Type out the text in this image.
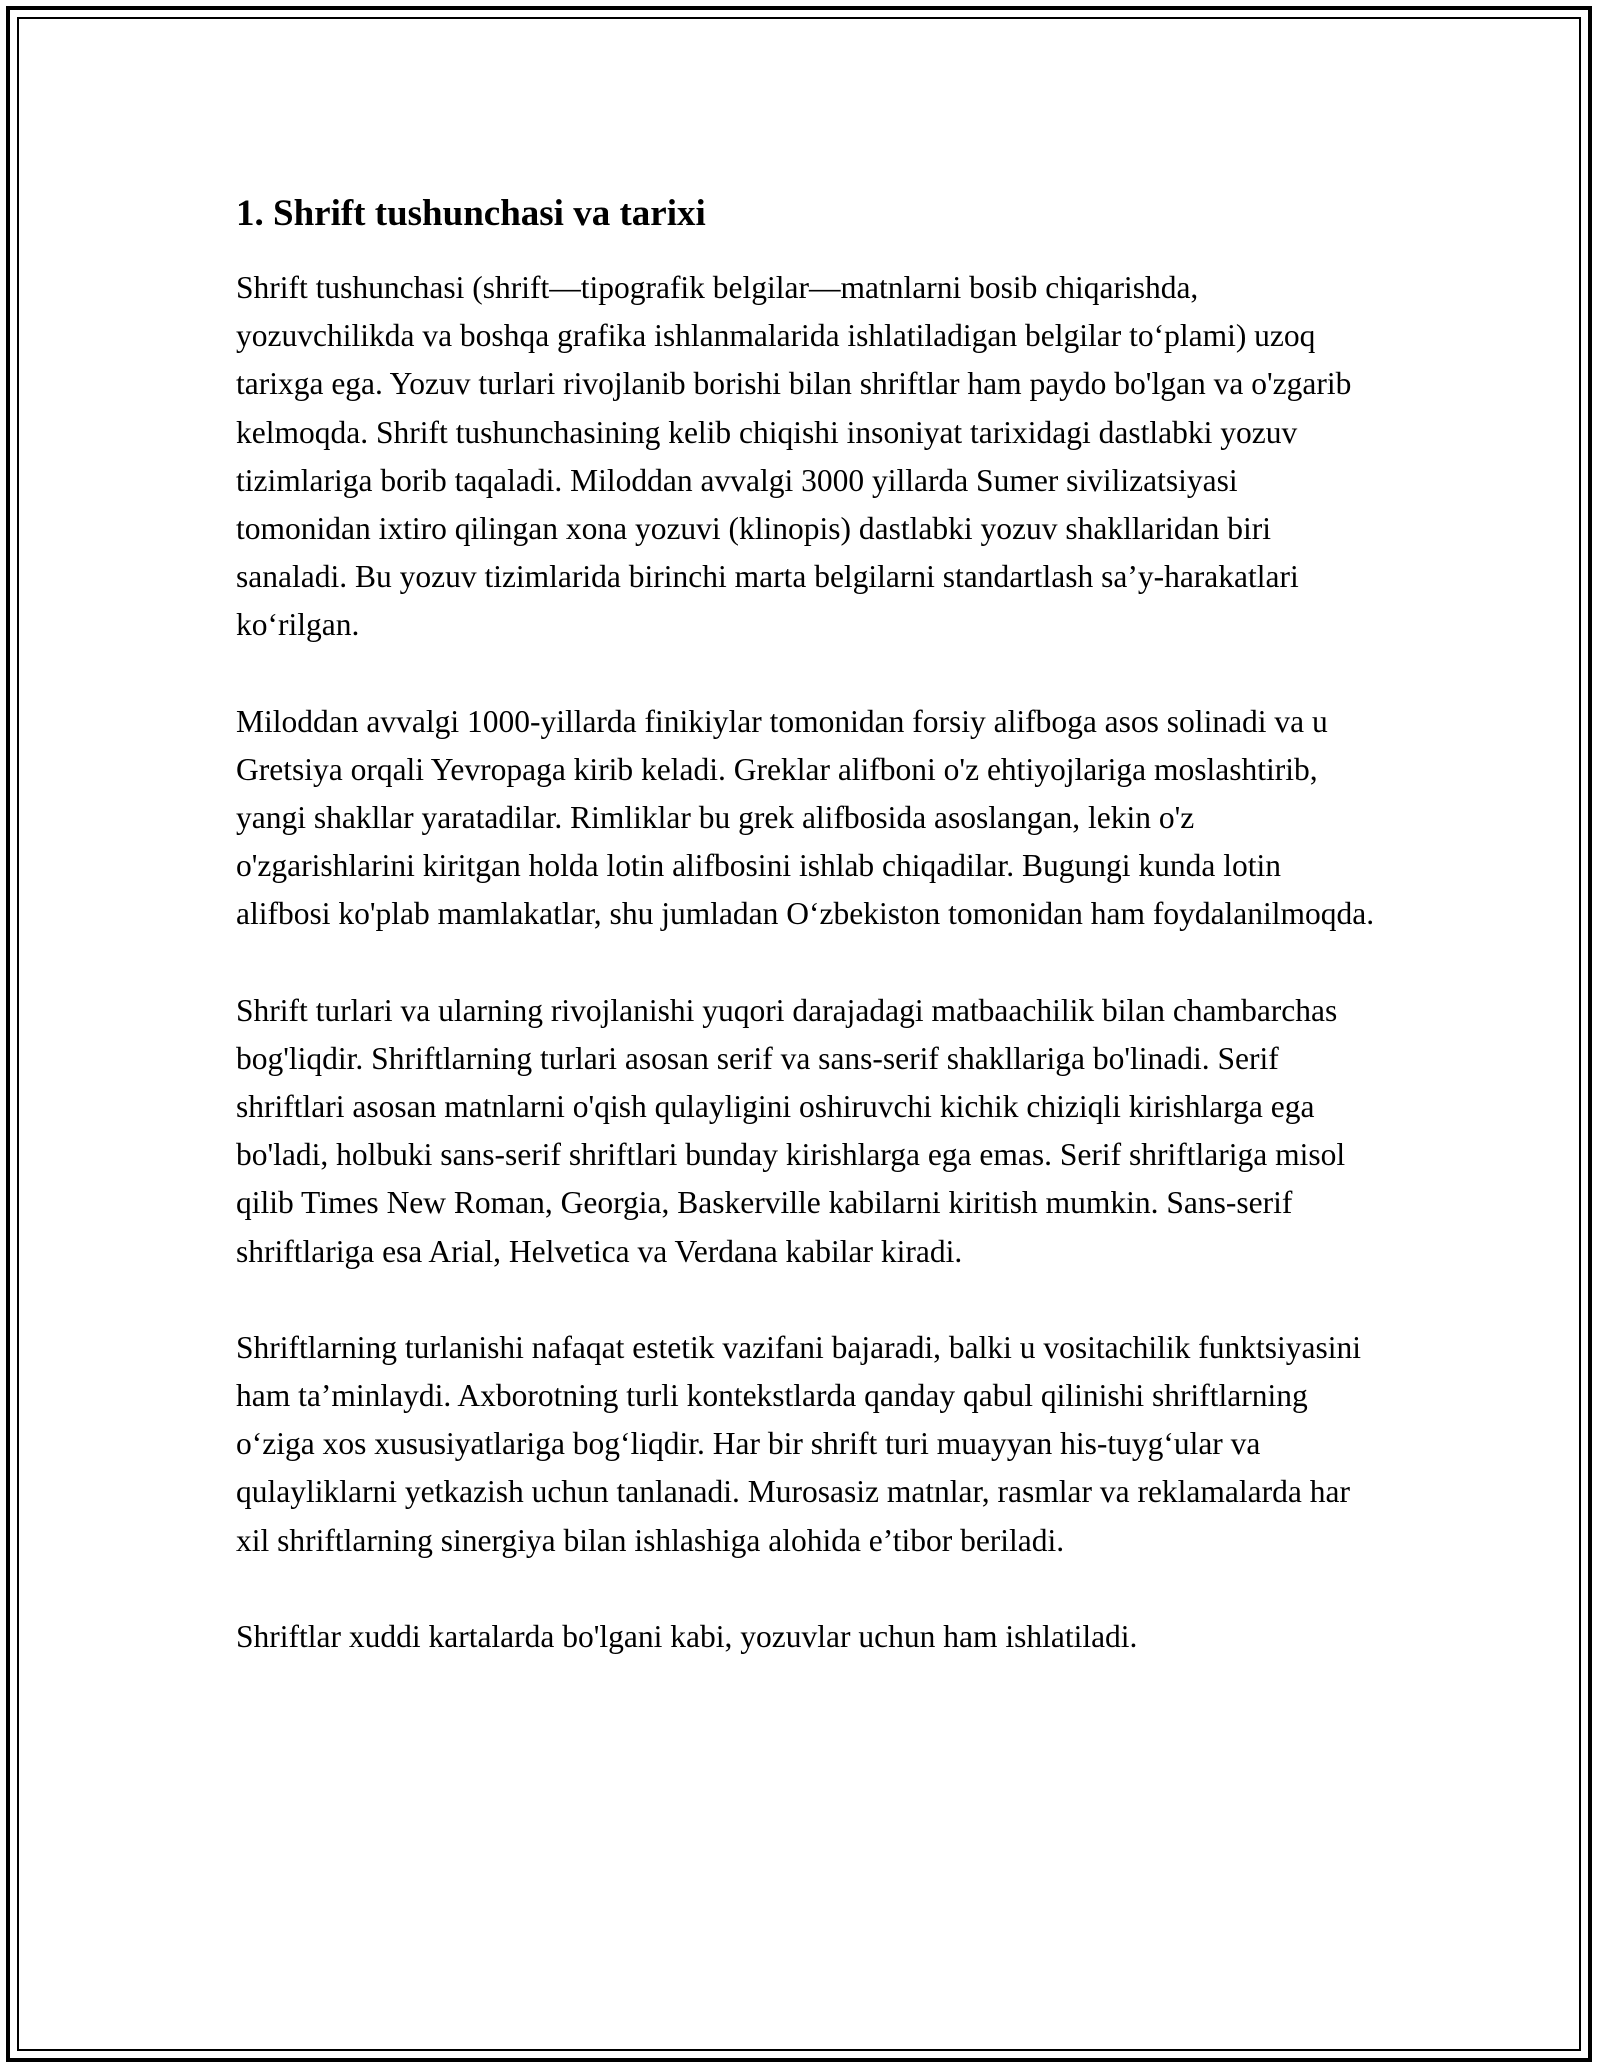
1. Shrift tushunchasi va tarixi

Shrift tushunchasi (shrift—tipografik belgilar—matnlarni bosib chiqarishda, yozuvchilikda va boshqa grafika ishlanmalarida ishlatiladigan belgilar to‘plami) uzoq tarixga ega. Yozuv turlari rivojlanib borishi bilan shriftlar ham paydo bo'lgan va o'zgarib kelmoqda. Shrift tushunchasining kelib chiqishi insoniyat tarixidagi dastlabki yozuv tizimlariga borib taqaladi. Miloddan avvalgi 3000 yillarda Sumer sivilizatsiyasi tomonidan ixtiro qilingan xona yozuvi (klinopis) dastlabki yozuv shakllaridan biri sanaladi. Bu yozuv tizimlarida birinchi marta belgilarni standartlash sa’y-harakatlari ko‘rilgan.

Miloddan avvalgi 1000-yillarda finikiylar tomonidan forsiy alifboga asos solinadi va u Gretsiya orqali Yevropaga kirib keladi. Greklar alifboni o'z ehtiyojlariga moslashtirib, yangi shakllar yaratadilar. Rimliklar bu grek alifbosida asoslangan, lekin o'z o'zgarishlarini kiritgan holda lotin alifbosini ishlab chiqadilar. Bugungi kunda lotin alifbosi ko'plab mamlakatlar, shu jumladan O‘zbekiston tomonidan ham foydalanilmoqda.

Shrift turlari va ularning rivojlanishi yuqori darajadagi matbaachilik bilan chambarchas bog'liqdir. Shriftlarning turlari asosan serif va sans-serif shakllariga bo'linadi. Serif shriftlari asosan matnlarni o'qish qulayligini oshiruvchi kichik chiziqli kirishlarga ega bo'ladi, holbuki sans-serif shriftlari bunday kirishlarga ega emas. Serif shriftlariga misol qilib Times New Roman, Georgia, Baskerville kabilarni kiritish mumkin. Sans-serif shriftlariga esa Arial, Helvetica va Verdana kabilar kiradi.

Shriftlarning turlanishi nafaqat estetik vazifani bajaradi, balki u vositachilik funktsiyasini ham ta’minlaydi. Axborotning turli kontekstlarda qanday qabul qilinishi shriftlarning o‘ziga xos xususiyatlariga bog‘liqdir. Har bir shrift turi muayyan his-tuyg‘ular va qulayliklarni yetkazish uchun tanlanadi. Murosasiz matnlar, rasmlar va reklamalarda har xil shriftlarning sinergiya bilan ishlashiga alohida e’tibor beriladi.

Shriftlar xuddi kartalarda bo'lgani kabi, yozuvlar uchun ham ishlatiladi.
